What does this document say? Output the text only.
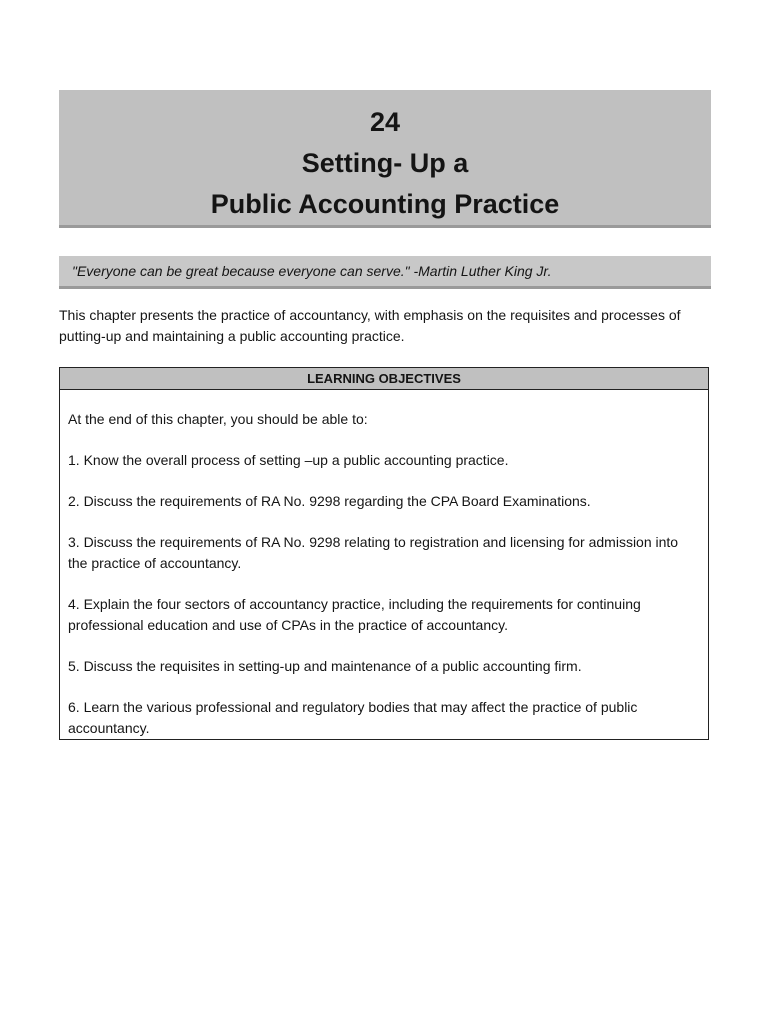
24
Setting- Up a
Public Accounting Practice
"Everyone can be great because everyone can serve." -Martin Luther King Jr.
This chapter presents the practice of accountancy, with emphasis on the requisites and processes of putting-up and maintaining a public accounting practice.
LEARNING OBJECTIVES

At the end of this chapter, you should be able to:

1. Know the overall process of setting –up a public accounting practice.

2. Discuss the requirements of RA No. 9298 regarding the CPA Board Examinations.

3. Discuss the requirements of RA No. 9298 relating to registration and licensing for admission into the practice of accountancy.

4. Explain the four sectors of accountancy practice, including the requirements for continuing professional education and use of CPAs in the practice of accountancy.

5. Discuss the requisites in setting-up and maintenance of a public accounting firm.

6. Learn the various professional and regulatory bodies that may affect the practice of public accountancy.
